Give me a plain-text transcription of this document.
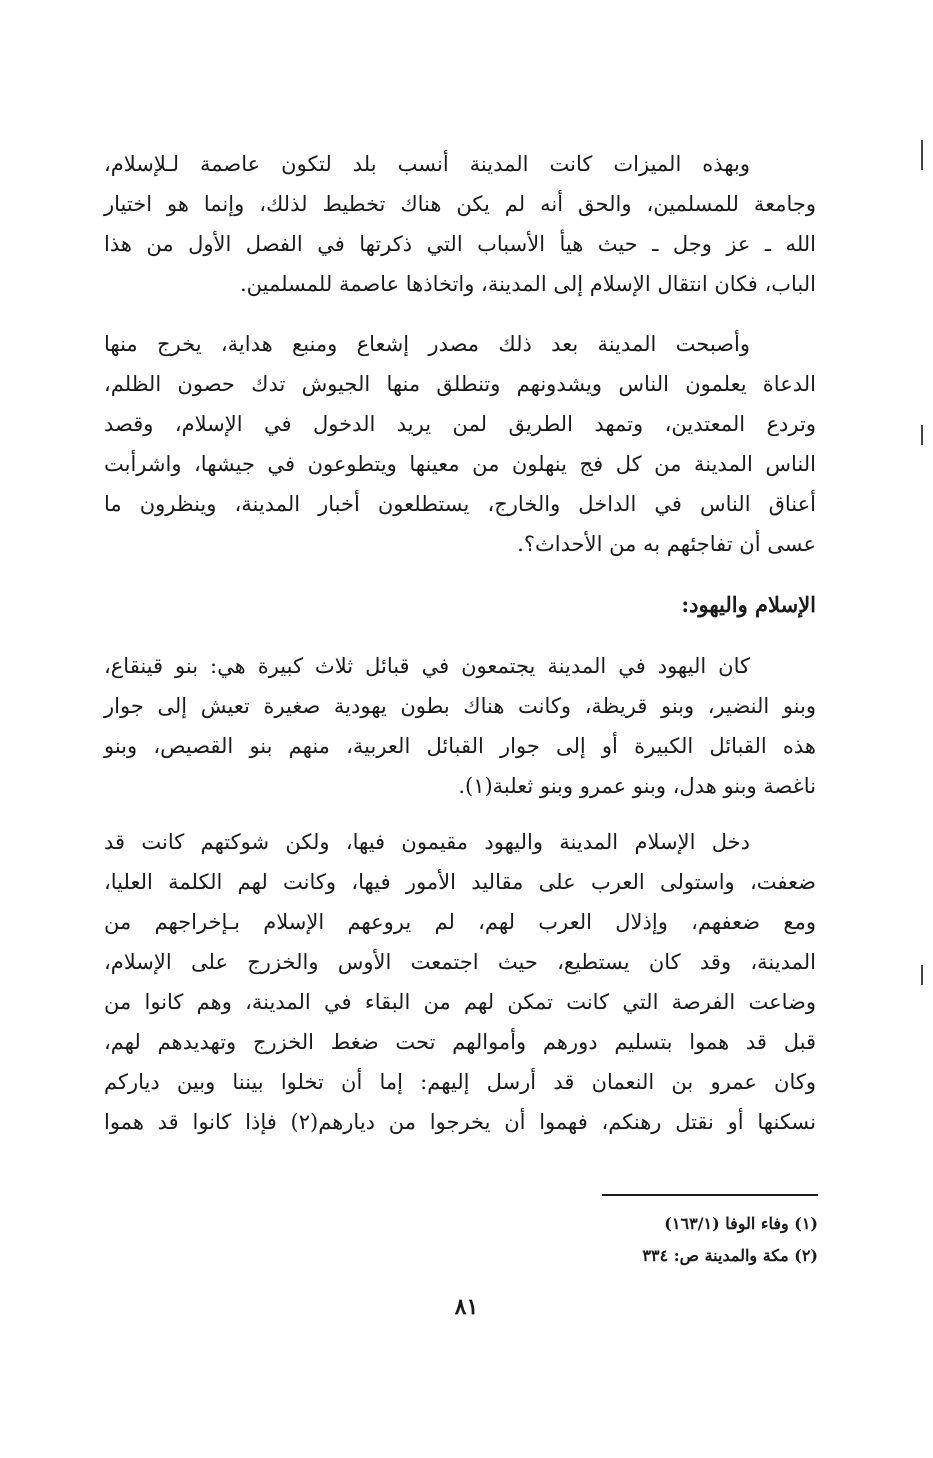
وبهذه الميزات كانت المدينة أنسب بلد لتكون عاصمة لـلإسلام،
وجامعة للمسلمين، والحق أنه لم يكن هناك تخطيط لذلك، وإنما هو اختيار
الله ـ عز وجل ـ حيث هيأ الأسباب التي ذكرتها في الفصل الأول من هذا
الباب، فكان انتقال الإسلام إلى المدينة، واتخاذها عاصمة للمسلمين.
وأصبحت المدينة بعد ذلك مصدر إشعاع ومنبع هداية، يخرج منها
الدعاة يعلمون الناس ويشدونهم وتنطلق منها الجيوش تدك حصون الظلم،
وتردع المعتدين، وتمهد الطريق لمن يريد الدخول في الإسلام، وقصد
الناس المدينة من كل فج ينهلون من معينها ويتطوعون في جيشها، واشرأبت
أعناق الناس في الداخل والخارج، يستطلعون أخبار المدينة، وينظرون ما
عسى أن تفاجئهم به من الأحداث؟.
الإسلام واليهود:
كان اليهود في المدينة يجتمعون في قبائل ثلاث كبيرة هي: بنو قينقاع،
وبنو النضير، وبنو قريظة، وكانت هناك بطون يهودية صغيرة تعيش إلى جوار
هذه القبائل الكبيرة أو إلى جوار القبائل العربية، منهم بنو القصيص، وبنو
ناغصة وبنو هدل، وبنو عمرو وبنو ثعلبة(١).
دخل الإسلام المدينة واليهود مقيمون فيها، ولكن شوكتهم كانت قد
ضعفت، واستولى العرب على مقاليد الأمور فيها، وكانت لهم الكلمة العليا،
ومع ضعفهم، وإذلال العرب لهم، لم يروعهم الإسلام بـإخراجهم من
المدينة، وقد كان يستطيع، حيث اجتمعت الأوس والخزرج على الإسلام،
وضاعت الفرصة التي كانت تمكن لهم من البقاء في المدينة، وهم كانوا من
قبل قد هموا بتسليم دورهم وأموالهم تحت ضغط الخزرج وتهديدهم لهم،
وكان عمرو بن النعمان قد أرسل إليهم: إما أن تخلوا بيننا وبين دياركم
نسكنها أو نقتل رهنكم، فهموا أن يخرجوا من ديارهم(٢) فإذا كانوا قد هموا
(١) وفاء الوفا (١٦٣/١)
(٢) مكة والمدينة ص: ٣٣٤
٨١
